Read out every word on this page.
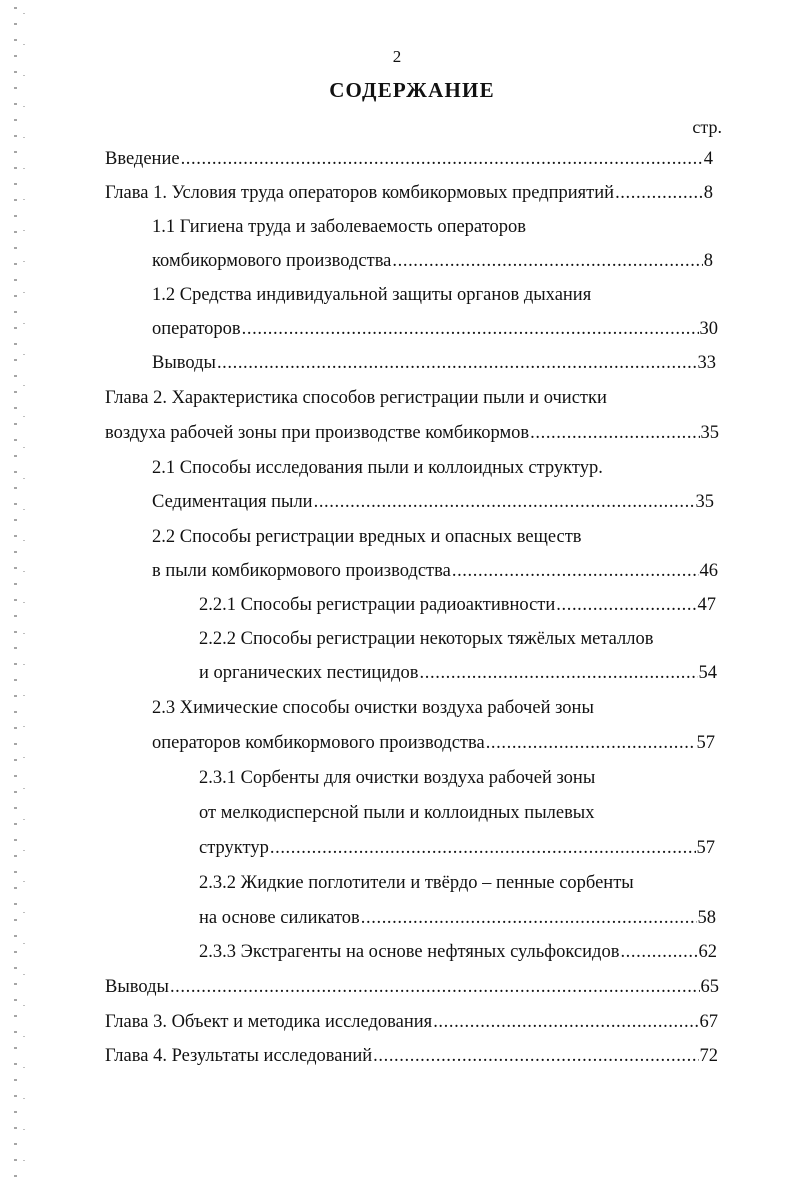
2
СОДЕРЖАНИЕ
стр.
Введение .....	4
Глава 1. Условия труда операторов комбикормовых предприятий .....	8
1.1 Гигиена труда и заболеваемость операторов
комбикормового производства .....	8
1.2 Средства индивидуальной защиты органов дыхания
операторов .....	30
Выводы .....	33
Глава 2. Характеристика способов регистрации пыли и очистки
воздуха рабочей зоны при производстве комбикормов .....	35
2.1 Способы исследования пыли и коллоидных структур.
Седиментация пыли .....	35
2.2 Способы регистрации вредных и опасных веществ
в пыли комбикормового производства .....	46
2.2.1 Способы регистрации радиоактивности .....	47
2.2.2 Способы регистрации некоторых тяжёлых металлов
и органических пестицидов .....	54
2.3 Химические способы очистки воздуха рабочей зоны
операторов комбикормового производства .....	57
2.3.1 Сорбенты для очистки воздуха рабочей зоны
от мелкодисперсной пыли и коллоидных пылевых
структур .....	57
2.3.2 Жидкие поглотители и твёрдо – пенные сорбенты
на основе силикатов .....	58
2.3.3 Экстрагенты на основе нефтяных сульфоксидов .....	62
Выводы .....	65
Глава 3. Объект и методика исследования .....	67
Глава 4. Результаты исследований .....	72
